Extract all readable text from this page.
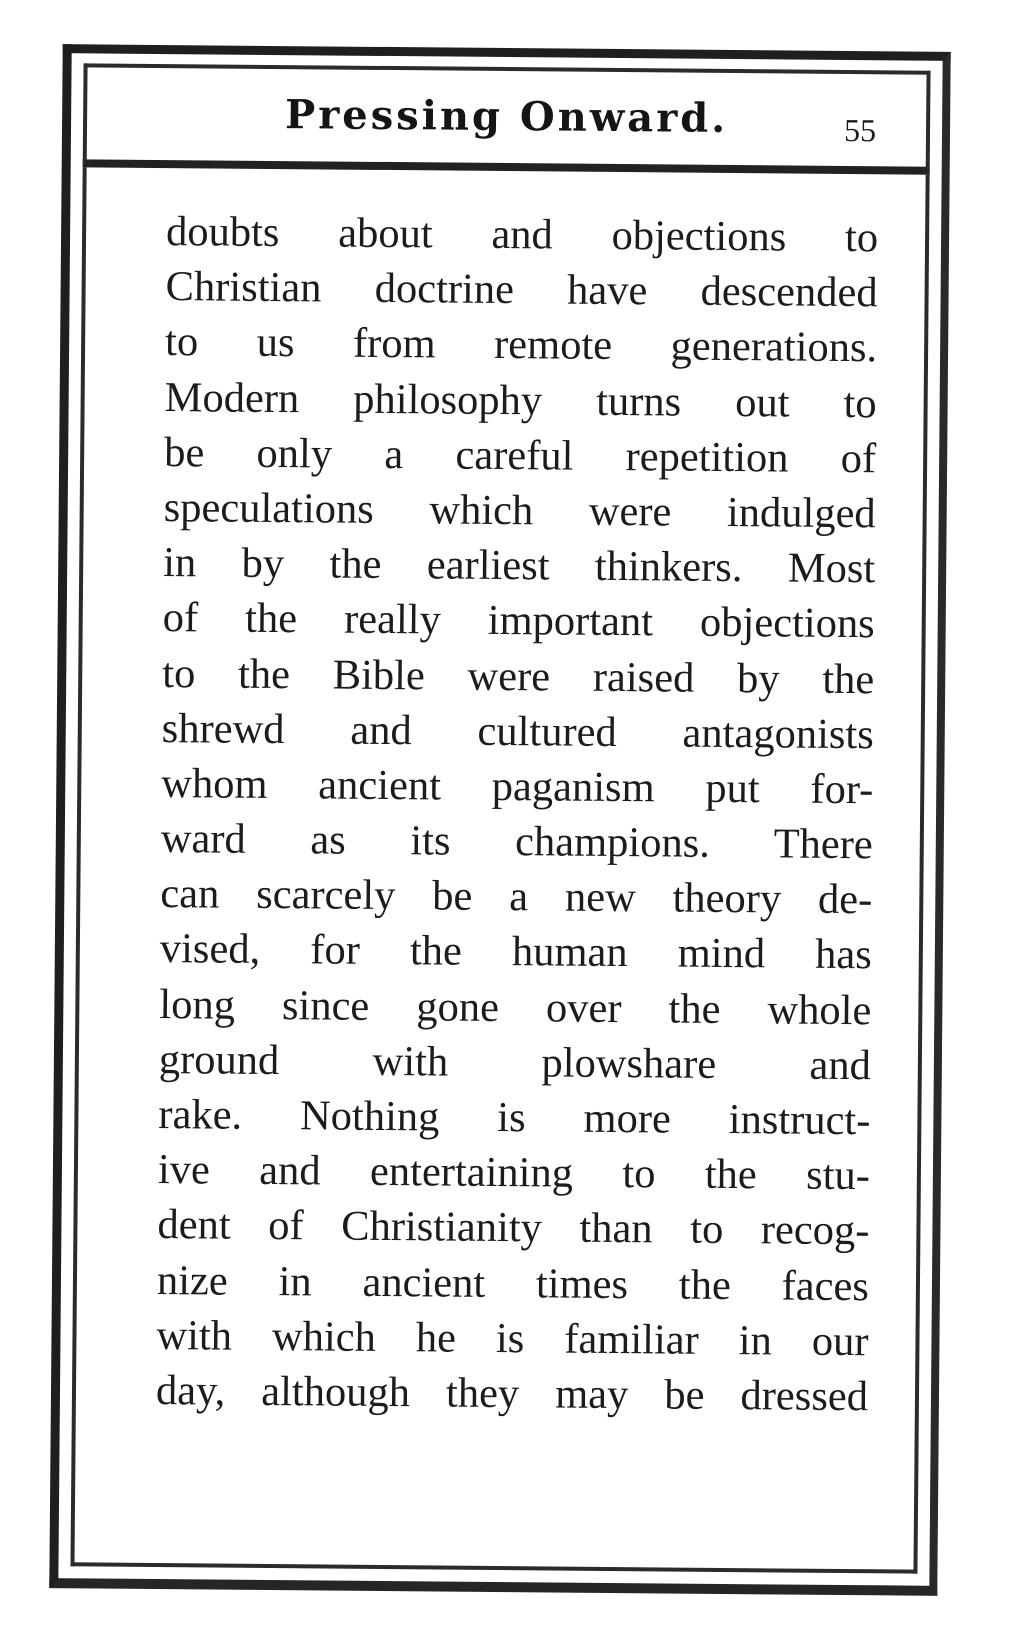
Pressing Onward.	55
doubts about and objections to
Christian doctrine have descended
to us from remote generations.
Modern philosophy turns out to
be only a careful repetition of
speculations which were indulged
in by the earliest thinkers. Most
of the really important objections
to the Bible were raised by the
shrewd and cultured antagonists
whom ancient paganism put for-
ward as its champions. There
can scarcely be a new theory de-
vised, for the human mind has
long since gone over the whole
ground with plowshare and
rake. Nothing is more instruct-
ive and entertaining to the stu-
dent of Christianity than to recog-
nize in ancient times the faces
with which he is familiar in our
day, although they may be dressed
